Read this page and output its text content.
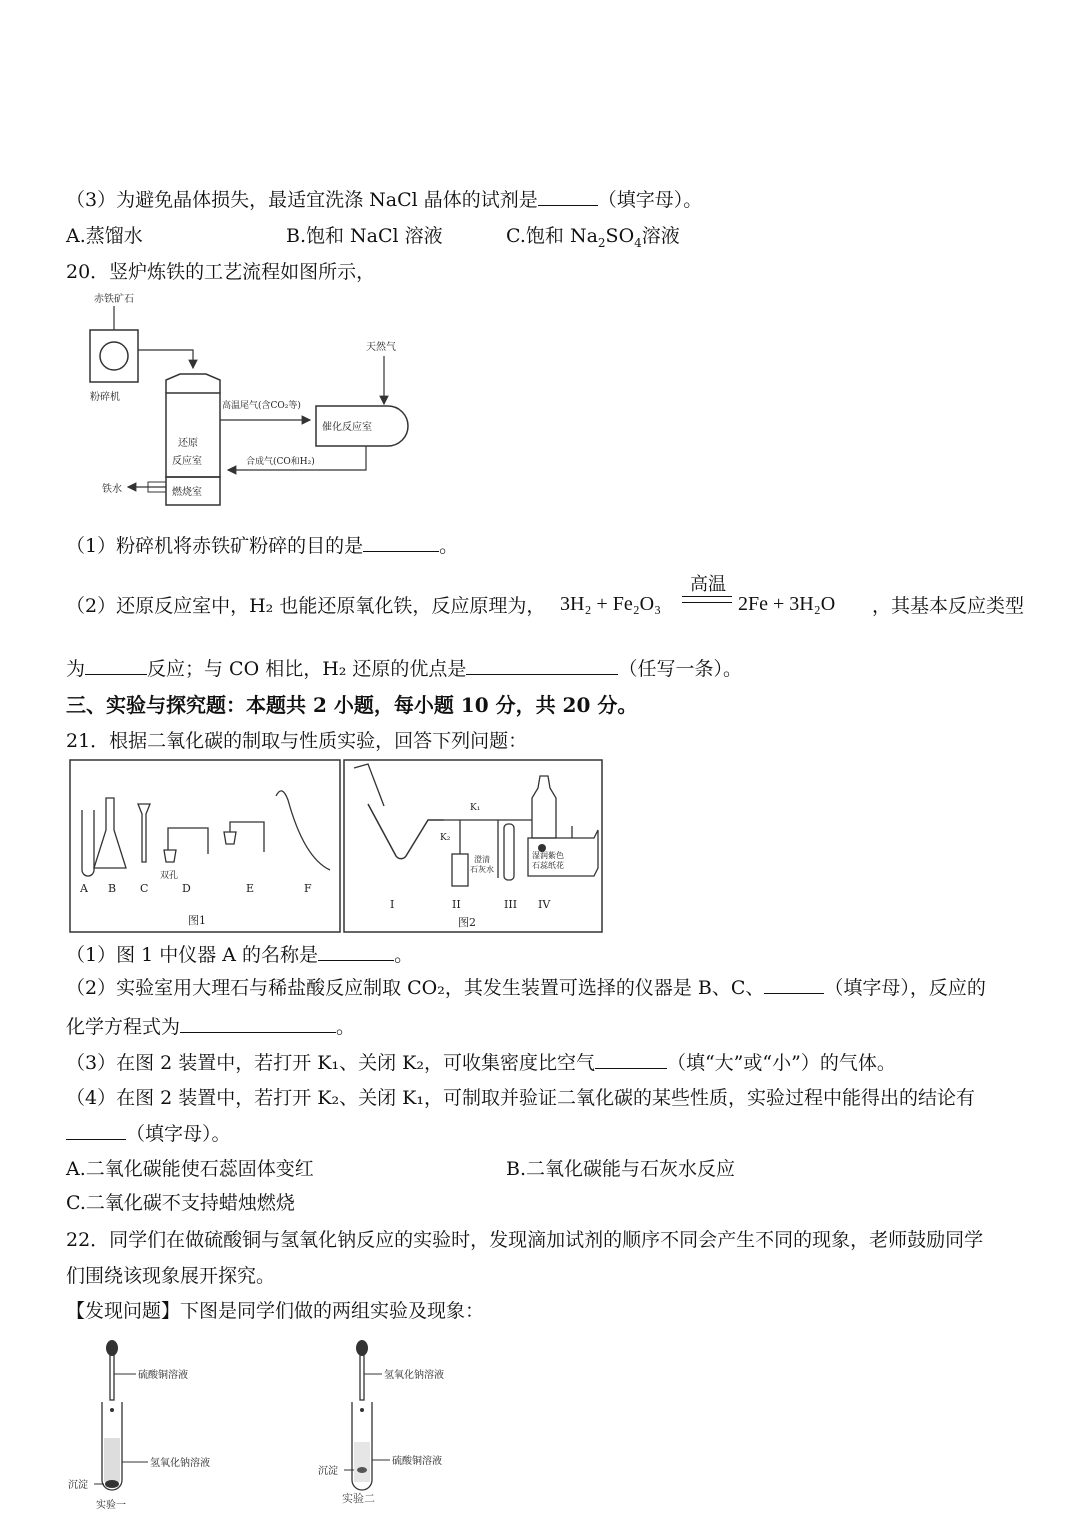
（3）为避免晶体损失，最适宜洗涤 NaCl 晶体的试剂是	（填字母）。
A.蒸馏水	B.饱和 NaCl 溶液	C.饱和 $Na_2SO_4$溶液
20．竖炉炼铁的工艺流程如图所示，
赤铁矿石
粉碎机
还原
反应室
燃烧室
铁水
高温尾气(含CO₂等)
催化反应室
天然气
合成气(CO和H₂)
（1）粉碎机将赤铁矿粉碎的目的是	。
（2）还原反应室中，H₂ 也能还原氧化铁，反应原理为， 3H₂ + Fe₂O₃
高温
2Fe + 3H₂O ，其基本反应类型
为	反应；与 CO 相比，H₂ 还原的优点是	（任写一条）。
三、实验与探究题：本题共 2 小题，每小题 10 分，共 20 分。
21．根据二氧化碳的制取与性质实验，回答下列问题：
双孔
A B C	D	E	F
图1
K₁
K₂
澄清
石灰水
湿润紫色
石蕊纸花
I	II	III IV
图2
（1）图 1 中仪器 A 的名称是	。
（2）实验室用大理石与稀盐酸反应制取 CO₂，其发生装置可选择的仪器是 B、C、	（填字母），反应的
化学方程式为	。
（3）在图 2 装置中，若打开 K₁、关闭 K₂，可收集密度比空气	（填“大”或“小”）的气体。
（4）在图 2 装置中，若打开 K₂、关闭 K₁，可制取并验证二氧化碳的某些性质，实验过程中能得出的结论有
（填字母）。
A.二氧化碳能使石蕊固体变红	B.二氧化碳能与石灰水反应
C.二氧化碳不支持蜡烛燃烧
22．同学们在做硫酸铜与氢氧化钠反应的实验时，发现滴加试剂的顺序不同会产生不同的现象，老师鼓励同学
们围绕该现象展开探究。
【发现问题】下图是同学们做的两组实验及现象：
硫酸铜溶液
氢氧化钠溶液
沉淀
实验一
氢氧化钠溶液
硫酸铜溶液
沉淀
实验二
